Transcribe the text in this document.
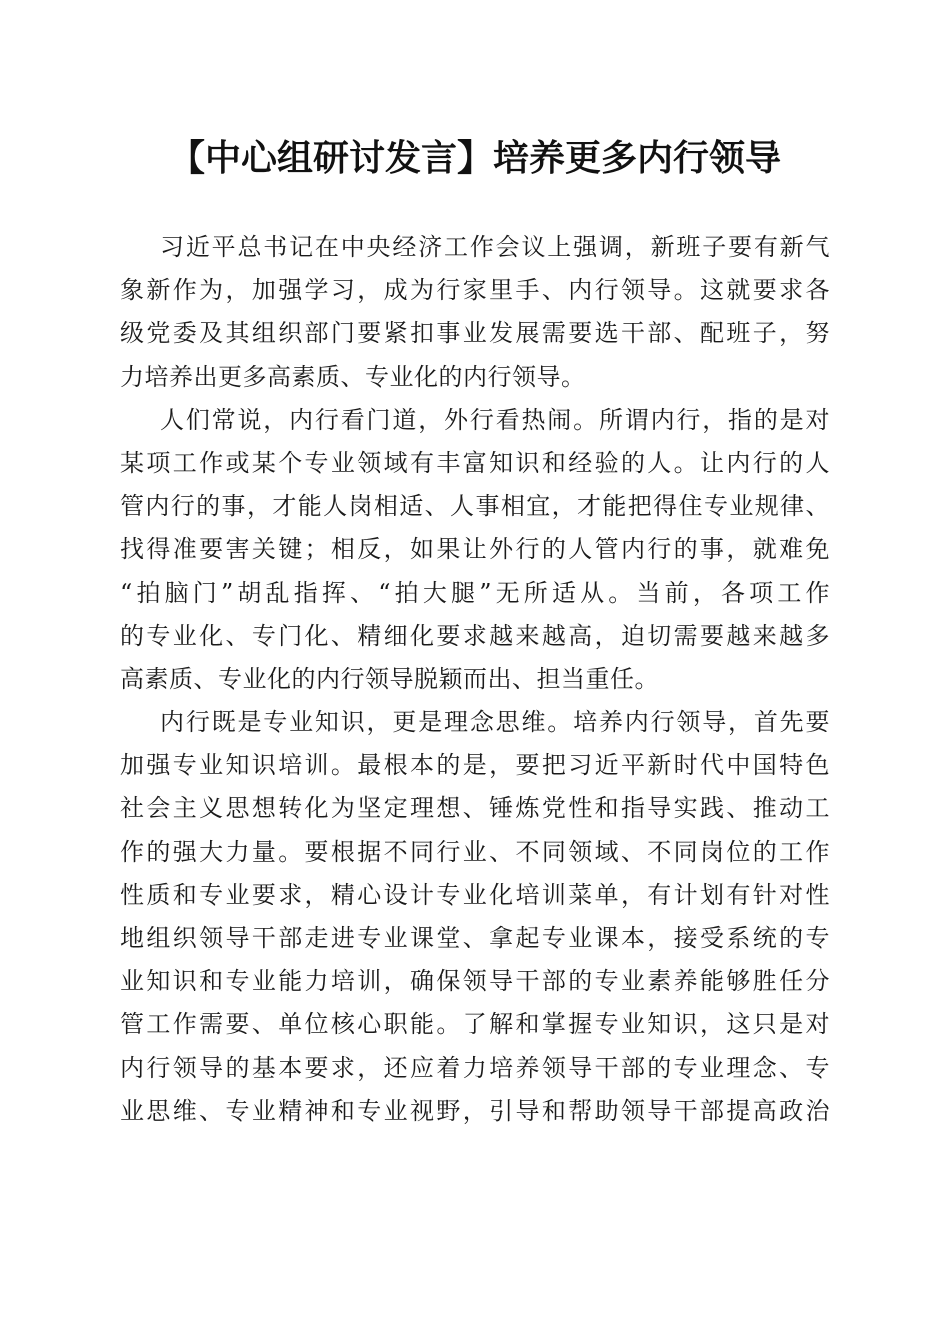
【中心组研讨发言】培养更多内行领导
习近平总书记在中央经济工作会议上强调，新班子要有新气
象新作为，加强学习，成为行家里手、内行领导。这就要求各
级党委及其组织部门要紧扣事业发展需要选干部、配班子，努
力培养出更多高素质、专业化的内行领导。
人们常说，内行看门道，外行看热闹。所谓内行，指的是对
某项工作或某个专业领域有丰富知识和经验的人。让内行的人
管内行的事，才能人岗相适、人事相宜，才能把得住专业规律、
找得准要害关键；相反，如果让外行的人管内行的事，就难免
“拍脑门”胡乱指挥、“拍大腿”无所适从。当前，各项工作
的专业化、专门化、精细化要求越来越高，迫切需要越来越多
高素质、专业化的内行领导脱颖而出、担当重任。
内行既是专业知识，更是理念思维。培养内行领导，首先要
加强专业知识培训。最根本的是，要把习近平新时代中国特色
社会主义思想转化为坚定理想、锤炼党性和指导实践、推动工
作的强大力量。要根据不同行业、不同领域、不同岗位的工作
性质和专业要求，精心设计专业化培训菜单，有计划有针对性
地组织领导干部走进专业课堂、拿起专业课本，接受系统的专
业知识和专业能力培训，确保领导干部的专业素养能够胜任分
管工作需要、单位核心职能。了解和掌握专业知识，这只是对
内行领导的基本要求，还应着力培养领导干部的专业理念、专
业思维、专业精神和专业视野，引导和帮助领导干部提高政治
